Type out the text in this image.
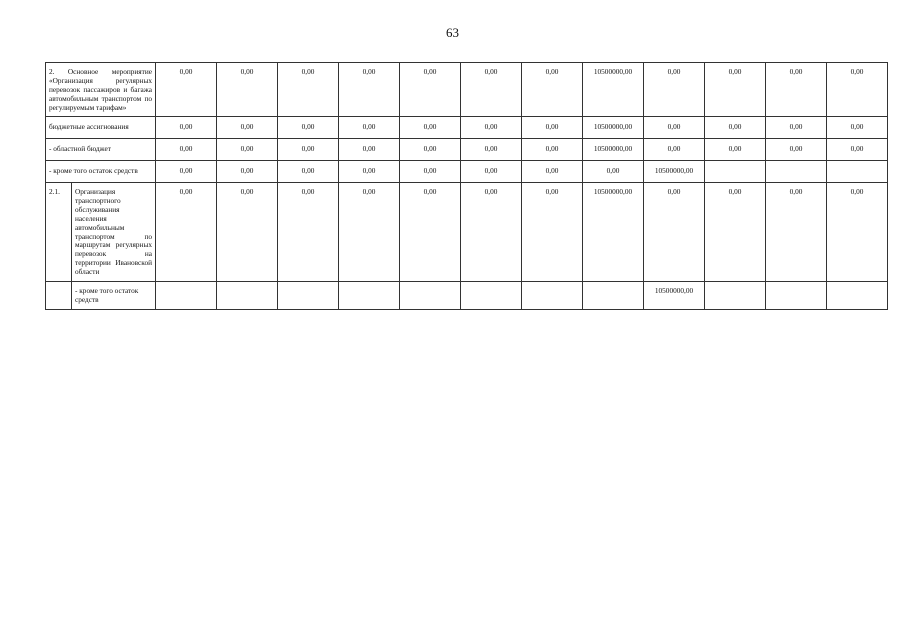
63
2. Основное мероприятие «Организация регулярных перевозок пассажиров и багажа автомобильным транспортом по регулируемым тарифам»		0,00	0,00	0,00	0,00	0,00	0,00	0,00	10500000,00	0,00	0,00	0,00	0,00
бюджетные ассигнования		0,00	0,00	0,00	0,00	0,00	0,00	0,00	10500000,00	0,00	0,00	0,00	0,00
- областной бюджет		0,00	0,00	0,00	0,00	0,00	0,00	0,00	10500000,00	0,00	0,00	0,00	0,00
- кроме того остаток средств		0,00	0,00	0,00	0,00	0,00	0,00	0,00	0,00	10500000,00			
2.1.	Организация транспортного обслуживания населения автомобильным транспортом по маршрутам регулярных перевозок на территории Ивановской области	0,00	0,00	0,00	0,00	0,00	0,00	0,00	10500000,00	0,00	0,00	0,00	0,00
	- кроме того остаток средств									10500000,00			
